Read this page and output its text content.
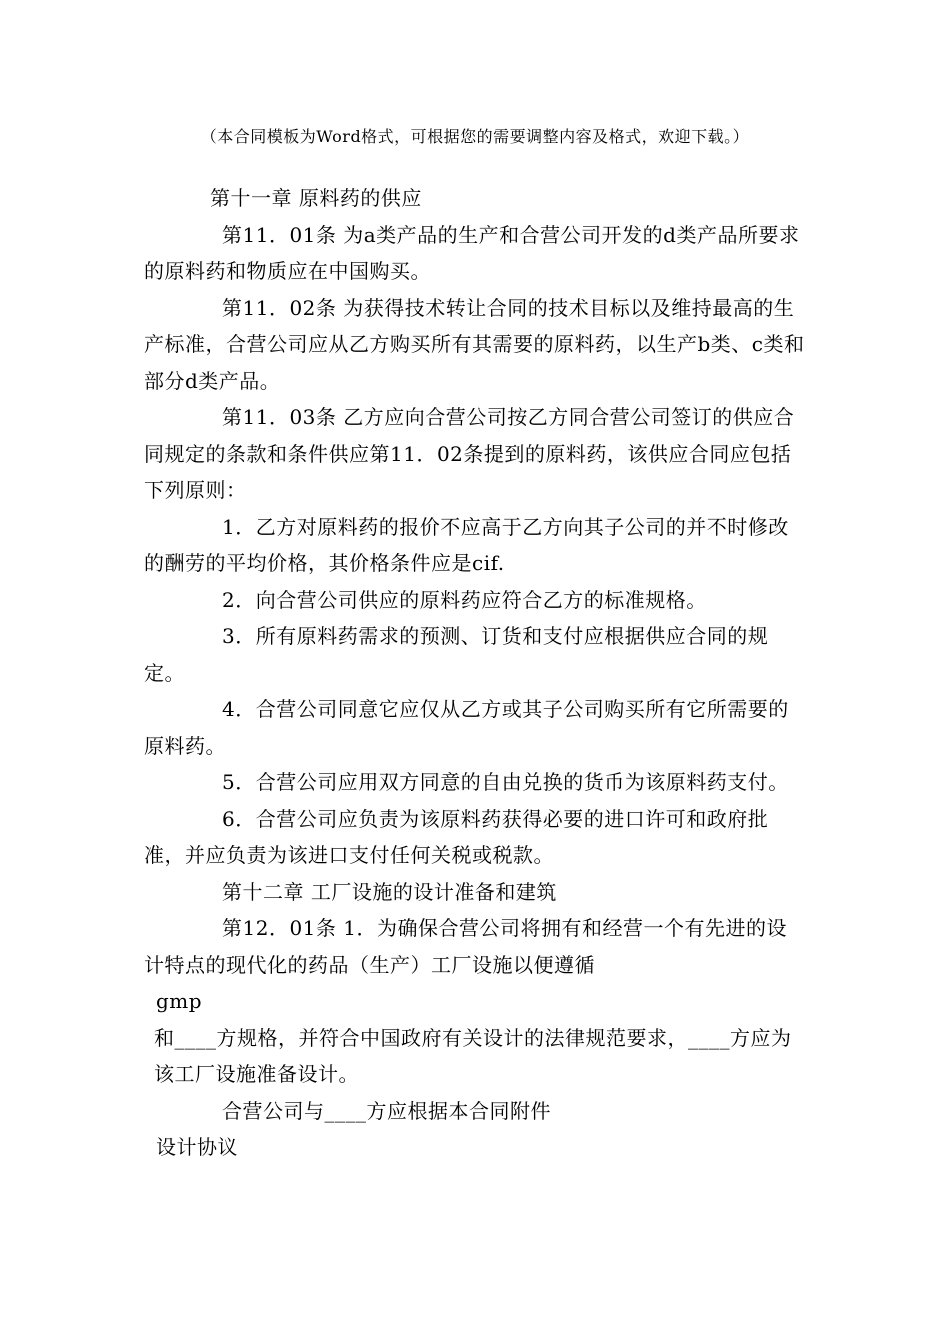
（本合同模板为Word格式，可根据您的需要调整内容及格式，欢迎下载。）

第十一章 原料药的供应

第11．01条 为a类产品的生产和合营公司开发的d类产品所要求的原料药和物质应在中国购买。

第11．02条 为获得技术转让合同的技术目标以及维持最高的生产标准，合营公司应从乙方购买所有其需要的原料药，以生产b类、c类和部分d类产品。

第11．03条 乙方应向合营公司按乙方同合营公司签订的供应合同规定的条款和条件供应第11．02条提到的原料药，该供应合同应包括下列原则：

1．乙方对原料药的报价不应高于乙方向其子公司的并不时修改的酬劳的平均价格，其价格条件应是cif.

2．向合营公司供应的原料药应符合乙方的标准规格。

3．所有原料药需求的预测、订货和支付应根据供应合同的规定。

4．合营公司同意它应仅从乙方或其子公司购买所有它所需要的原料药。

5．合营公司应用双方同意的自由兑换的货币为该原料药支付。

6．合营公司应负责为该原料药获得必要的进口许可和政府批准，并应负责为该进口支付任何关税或税款。

第十二章 工厂设施的设计准备和建筑

第12．01条 1．为确保合营公司将拥有和经营一个有先进的设计特点的现代化的药品（生产）工厂设施以便遵循

gmp

和____方规格，并符合中国政府有关设计的法律规范要求，____方应为该工厂设施准备设计。

合营公司与____方应根据本合同附件

设计协议
